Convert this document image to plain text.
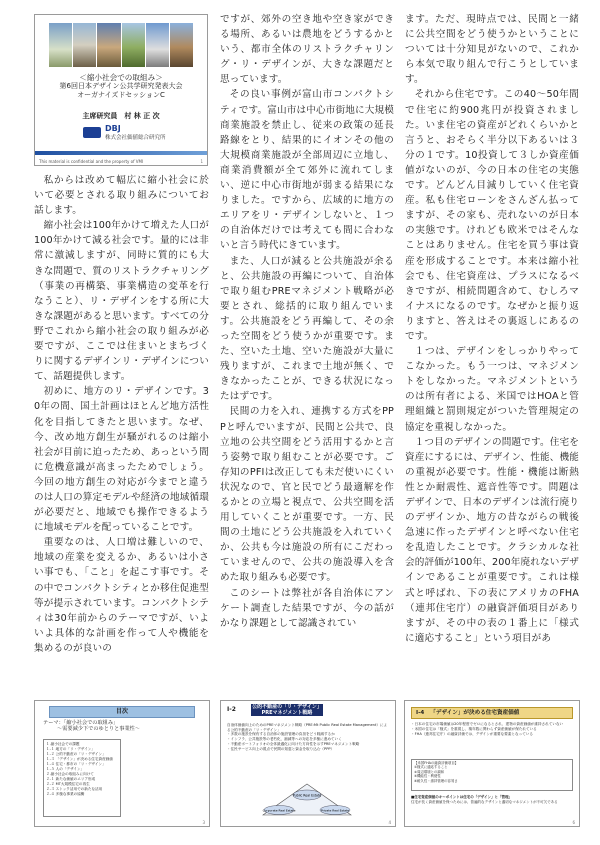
＜縮小社会での取組み＞
第6回日本デザイン公共学研究発表大会
オーガナイズドセッションC
主席研究員　村 林 正 次
DBJ
株式会社価値総合研究所
This material is confidential and the property of VMI	1

私からは改めて幅広に縮小社会に於いて必要とされる取り組みについてお話します。

縮小社会は100年かけて増えた人口が100年かけて減る社会です。量的には非常に激減しますが、同時に質的にも大きな問題で、質のリストラクチャリング（事業の再構築、事業構造の変革を行なうこと）、リ・デザインをする所に大きな課題があると思います。すべての分野でこれから縮小社会の取り組みが必要ですが、ここでは住まいとまちづくりに関するデザインリ・デザインについて、話題提供します。

初めに、地方のリ・デザインです。30年の間、国土計画はほとんど地方活性化を目指してきたと思います。なぜ、今、改め地方創生が騒がれるのは縮小社会が目前に迫ったため、あっという間に危機意識が高まったためでしょう。今回の地方創生の対応が今までと違うのは人口の算定モデルや経済の地域循環が必要だと、地域でも操作できるように地域モデルを配っていることです。

重要なのは、人口増は難しいので、地域の産業を変えるか、あるいは小さい事でも、「こと」を起こす事です。その中でコンパクトシティとか移住促進型等が提示されています。コンパクトシティは30年前からのテーマですが、いよいよ具体的な計画を作って人や機能を集めるのが良いの

ですが、郊外の空き地や空き家ができる場所、あるいは農地をどうするかという、都市全体のリストラクチャリング・リ・デザインが、大きな課題だと思っています。

その良い事例が富山市コンパクトシティです。富山市は中心市街地に大規模商業施設を禁止し、従来の政策の延長路線をとり、結果的にイオンその他の大規模商業施設が全部周辺に立地し、商業消費額が全て郊外に流れてしまい、逆に中心市街地が弱まる結果になりました。ですから、広域的に地方のエリアをリ・デザインしないと、１つの自治体だけでは考えても間に合わないと言う時代にきています。

また、人口が減ると公共施設が余ると、公共施設の再編について、自治体で取り組むPREマネジメント戦略が必要とされ、総括的に取り組んでいます。公共施設をどう再編して、その余った空間をどう使うかが重要です。また、空いた土地、空いた施設が大量に残りますが、これまで土地が無く、できなかったことが、できる状況になったはずです。

民間の力を入れ、連携する方式をPPPと呼んでいますが、民間と公共で、良立地の公共空間をどう活用するかと言う姿勢で取り組むことが必要です。ご存知のPFIは改正しても未だ使いにくい状況なので、官と民でどう最適解を作るかとの立場と視点で、公共空間を活用していくことが重要です。一方、民間の土地にどう公共施設を入れていくか、公共も今は施設の所有にこだわっていませんので、公共の施設導入を含めた取り組みも必要です。

このシートは弊社が各自治体にアンケート調査した結果ですが、今の話がかなり課題として認識されてい

ます。ただ、現時点では、民間と一緒に公共空間をどう使うかということについては十分知見がないので、これから本気で取り組んで行こうとしています。

それから住宅です。この40～50年間で住宅に約900兆円が投資されました。いま住宅の資産がどれくらいかと言うと、おそらく半分以下あるいは３分の１です。10投資して３しか資産価値がないのが、今の日本の住宅の実態です。どんどん目減りしていく住宅資産。私も住宅ローンをさんざん払ってますが、その家も、売れないのが日本の実態です。けれども欧米ではそんなことはありません。住宅を買う事は資産を形成することです。本来は縮小社会でも、住宅資産は、プラスになるべきですが、相続問題含めて、むしろマイナスになるのです。なぜかと振り返りますと、答えはその裏返しにあるのです。

１つは、デザインをしっかりやってこなかった。もう一つは、マネジメントをしなかった。マネジメントというのは所有者による、米国ではHOAと管理組織と罰則規定がついた管理規定の協定を重視しなかった。

１つ目のデザインの問題です。住宅を資産にするには、デザイン、性能、機能の重視が必要です。性能・機能は断熱性とか耐震性、遮音性等です。問題はデザインで、日本のデザインは流行廃りのデザインか、地方の昔ながらの戦後急速に作ったデザインと呼べない住宅を乱造したことです。クラシカルな社会的評価が100年、200年廃れないデザインであることが重要です。これは様式と呼ばれ、下の表にアメリカのFHA（連邦住宅庁）の融資評価項目がありますが、その中の表の１番上に「様式に適応すること」という項目があ

目次
テーマ：「縮小社会での取組み」
〜需要減少下でのゆとりと事業性〜
１.縮小社会での課題
１-１ 地方の「リ・デザイン」
１-２ 公的不動産の「リ・デザイン」
１-３ 「デザイン」が決める住宅資産価値
１-４ 住宅・都市の「リ・デザイン」
１-５ 人の「デザイン」
２.縮小社会の取組みに向けて
２-１ 新たな価値のエリア形成
２-２ MT大規模住宅の再生
２-３ ストック活用での新たな活用
２-４ 多様な事業の協働
3
Ⅰ-2	公的不動産の「リ・デザイン」
PREマネジメント戦略
自治体価値向上のためのPREマネジメント戦略（PRE:Mt Public Real Estate Management）による公的不動産の「リ・デザイン」
・多数の施設を保有する自治体の施設管理の負担をどう軽減するか
・インフラ、公共施設等の老朽化、縮減等への対応を多様に進めていく
・不動産ポートフォリオの全体最適化に向けた方向性を示すPREマネジメント戦略
・住民サービス向上の視点で民間の知恵と資金を取り込む（PPP）
Public Real Estate
Corporate Real Estate	Private Real Estate
4
Ⅰ-4 「デザイン」が決める住宅資産価値
・日本の住宅の市場価値は20年程度でゼロになるとされ、建物の資産価値が維持されていない
・米国の住宅は「様式」を重視し、築年数に関わらず資産価値が保たれている
・FHA（連邦住宅庁）の融資評価では、デザインが重要な要素となっている
【米国FHAの融資評価項目】
①様式に適応すること
②周辺環境との調和
③機能性・利便性
④耐久性・維持管理の容易さ
■住宅資産価値のキーポイントは住宅の「デザイン」と「管理」
住宅が長く資産価値を保つためには、普遍的なデザインと適切なマネジメントが不可欠である
6
